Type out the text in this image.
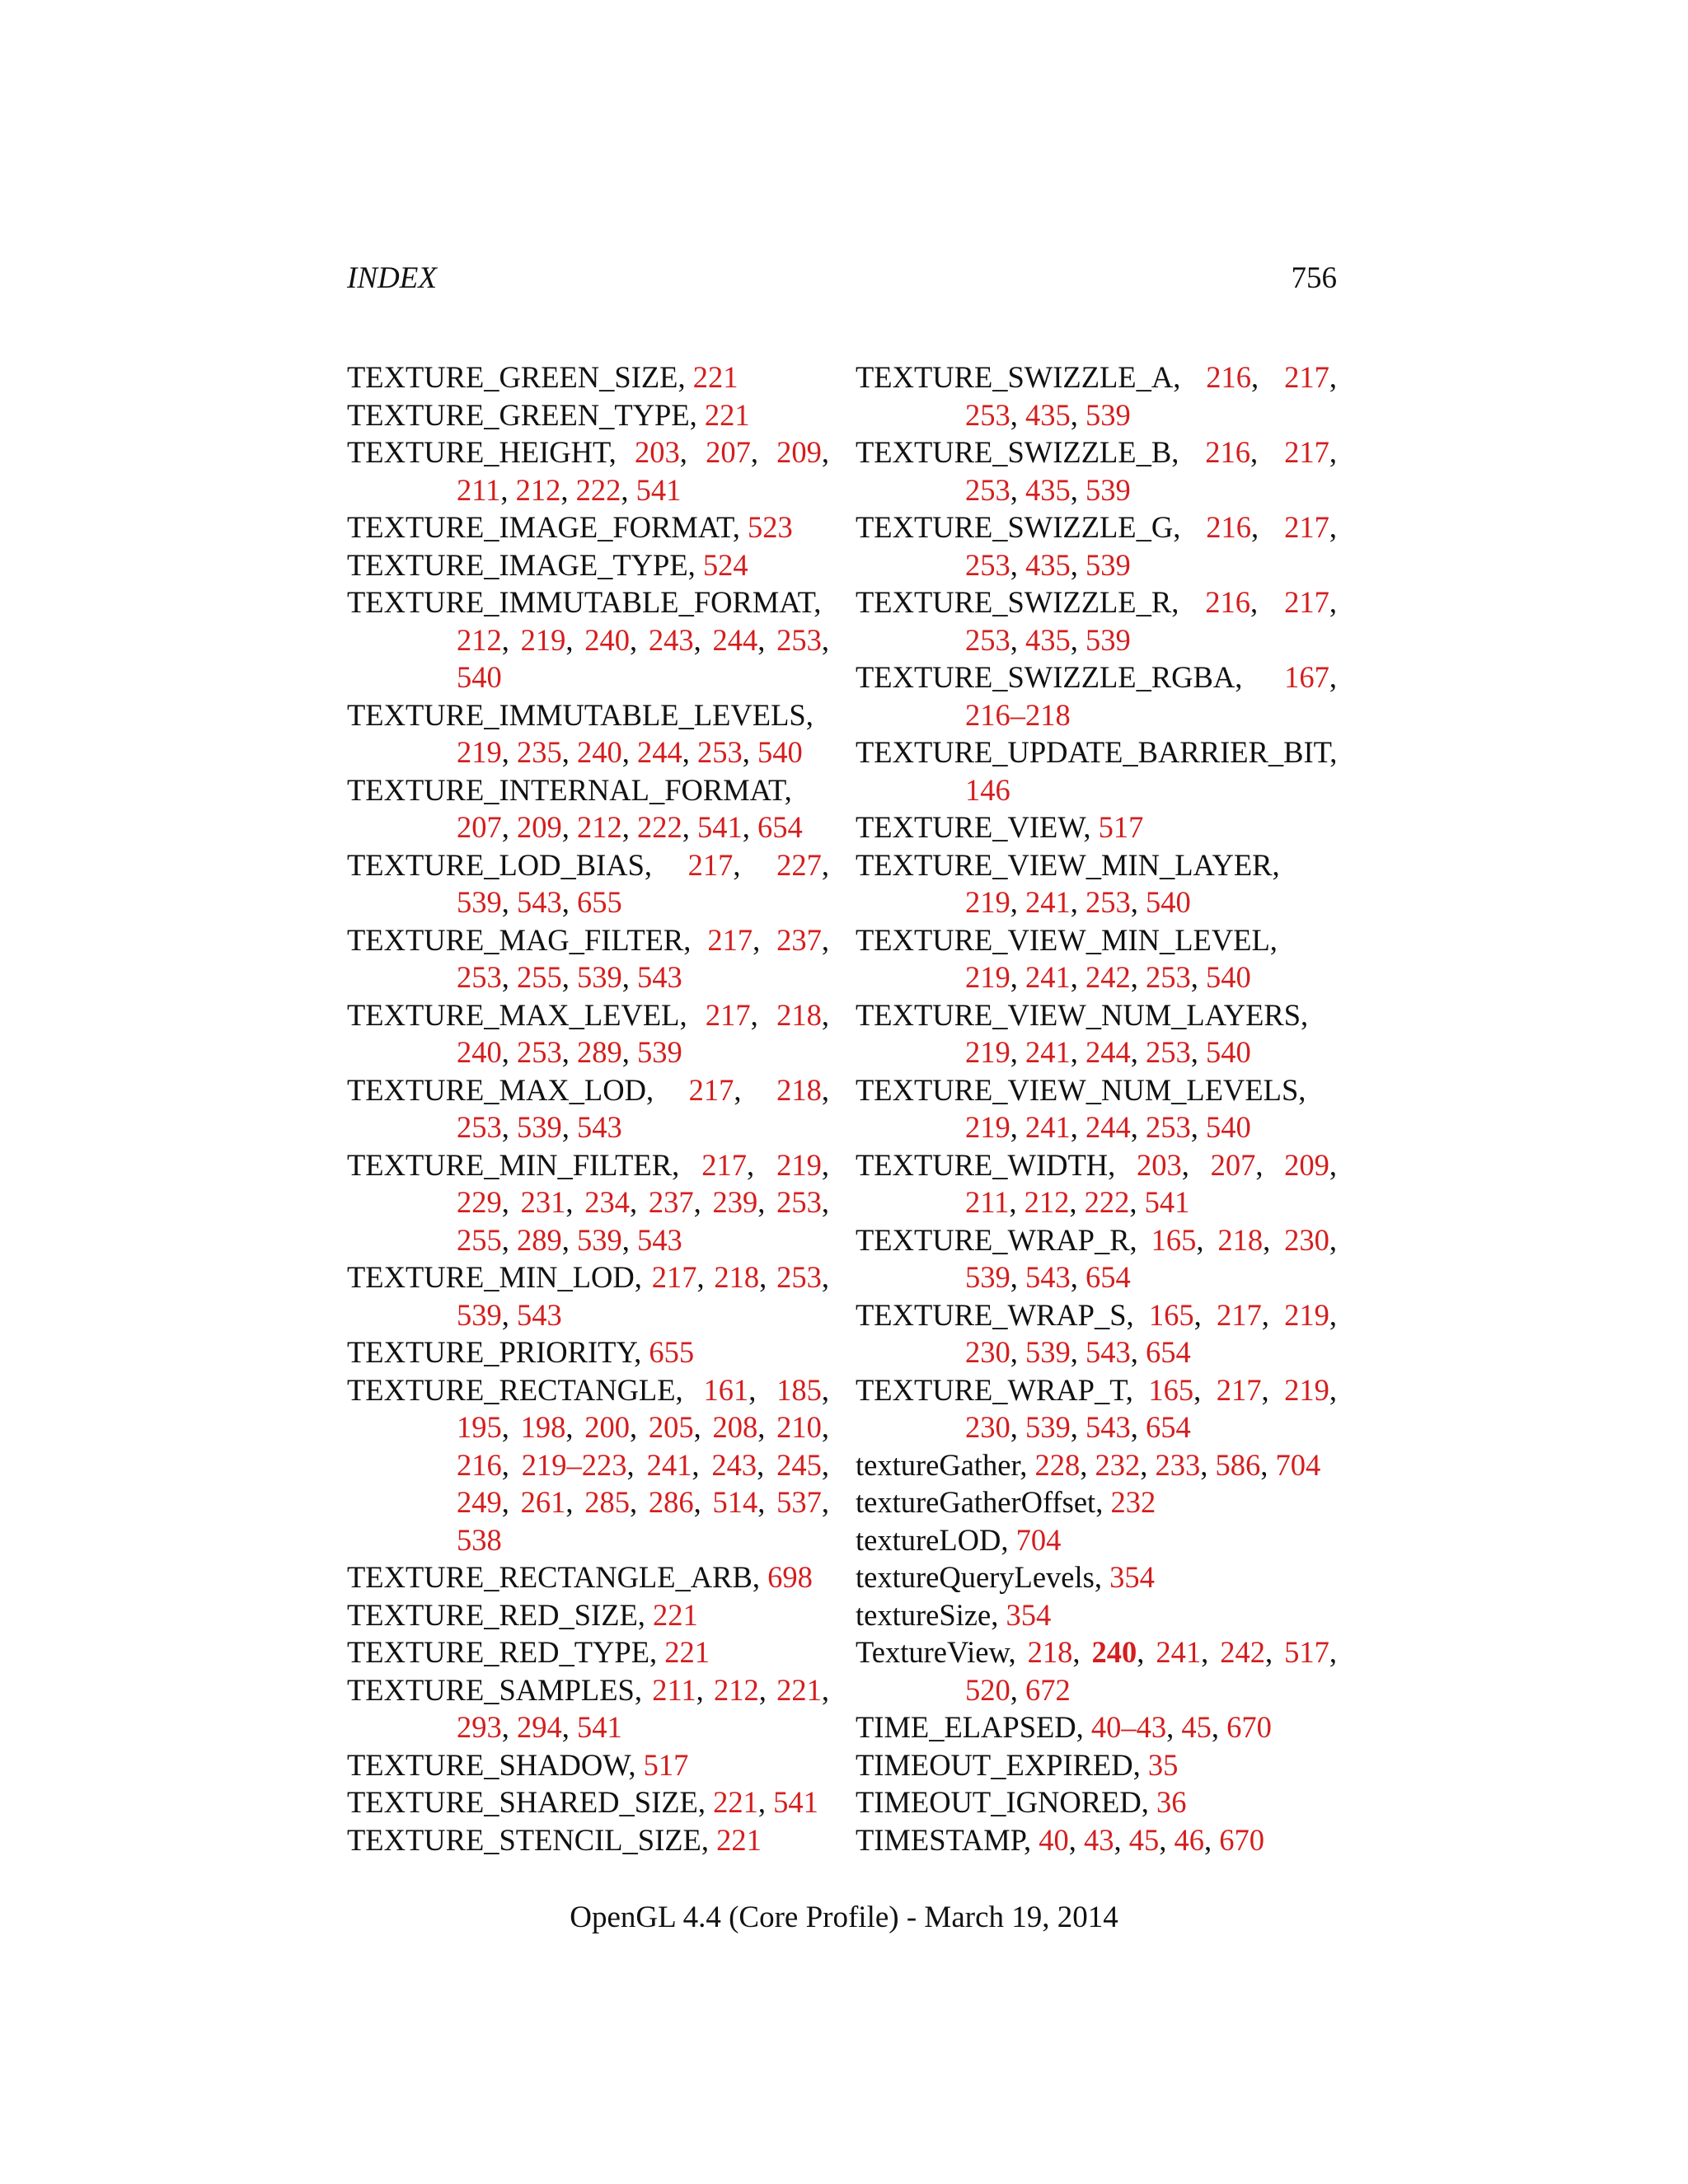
INDEX	756
TEXTURE_GREEN_SIZE, 221
TEXTURE_GREEN_TYPE, 221
TEXTURE_HEIGHT, 203, 207, 209, 211, 212, 222, 541
TEXTURE_IMAGE_FORMAT, 523
TEXTURE_IMAGE_TYPE, 524
TEXTURE_IMMUTABLE_FORMAT, 212, 219, 240, 243, 244, 253, 540
TEXTURE_IMMUTABLE_LEVELS, 219, 235, 240, 244, 253, 540
TEXTURE_INTERNAL_FORMAT, 207, 209, 212, 222, 541, 654
TEXTURE_LOD_BIAS, 217, 227, 539, 543, 655
TEXTURE_MAG_FILTER, 217, 237, 253, 255, 539, 543
TEXTURE_MAX_LEVEL, 217, 218, 240, 253, 289, 539
TEXTURE_MAX_LOD, 217, 218, 253, 539, 543
TEXTURE_MIN_FILTER, 217, 219, 229, 231, 234, 237, 239, 253, 255, 289, 539, 543
TEXTURE_MIN_LOD, 217, 218, 253, 539, 543
TEXTURE_PRIORITY, 655
TEXTURE_RECTANGLE, 161, 185, 195, 198, 200, 205, 208, 210, 216, 219–223, 241, 243, 245, 249, 261, 285, 286, 514, 537, 538
TEXTURE_RECTANGLE_ARB, 698
TEXTURE_RED_SIZE, 221
TEXTURE_RED_TYPE, 221
TEXTURE_SAMPLES, 211, 212, 221, 293, 294, 541
TEXTURE_SHADOW, 517
TEXTURE_SHARED_SIZE, 221, 541
TEXTURE_STENCIL_SIZE, 221
TEXTURE_SWIZZLE_A, 216, 217, 253, 435, 539
TEXTURE_SWIZZLE_B, 216, 217, 253, 435, 539
TEXTURE_SWIZZLE_G, 216, 217, 253, 435, 539
TEXTURE_SWIZZLE_R, 216, 217, 253, 435, 539
TEXTURE_SWIZZLE_RGBA, 167, 216–218
TEXTURE_UPDATE_BARRIER_BIT, 146
TEXTURE_VIEW, 517
TEXTURE_VIEW_MIN_LAYER, 219, 241, 253, 540
TEXTURE_VIEW_MIN_LEVEL, 219, 241, 242, 253, 540
TEXTURE_VIEW_NUM_LAYERS, 219, 241, 244, 253, 540
TEXTURE_VIEW_NUM_LEVELS, 219, 241, 244, 253, 540
TEXTURE_WIDTH, 203, 207, 209, 211, 212, 222, 541
TEXTURE_WRAP_R, 165, 218, 230, 539, 543, 654
TEXTURE_WRAP_S, 165, 217, 219, 230, 539, 543, 654
TEXTURE_WRAP_T, 165, 217, 219, 230, 539, 543, 654
textureGather, 228, 232, 233, 586, 704
textureGatherOffset, 232
textureLOD, 704
textureQueryLevels, 354
textureSize, 354
TextureView, 218, 240, 241, 242, 517, 520, 672
TIME_ELAPSED, 40–43, 45, 670
TIMEOUT_EXPIRED, 35
TIMEOUT_IGNORED, 36
TIMESTAMP, 40, 43, 45, 46, 670
OpenGL 4.4 (Core Profile) - March 19, 2014
